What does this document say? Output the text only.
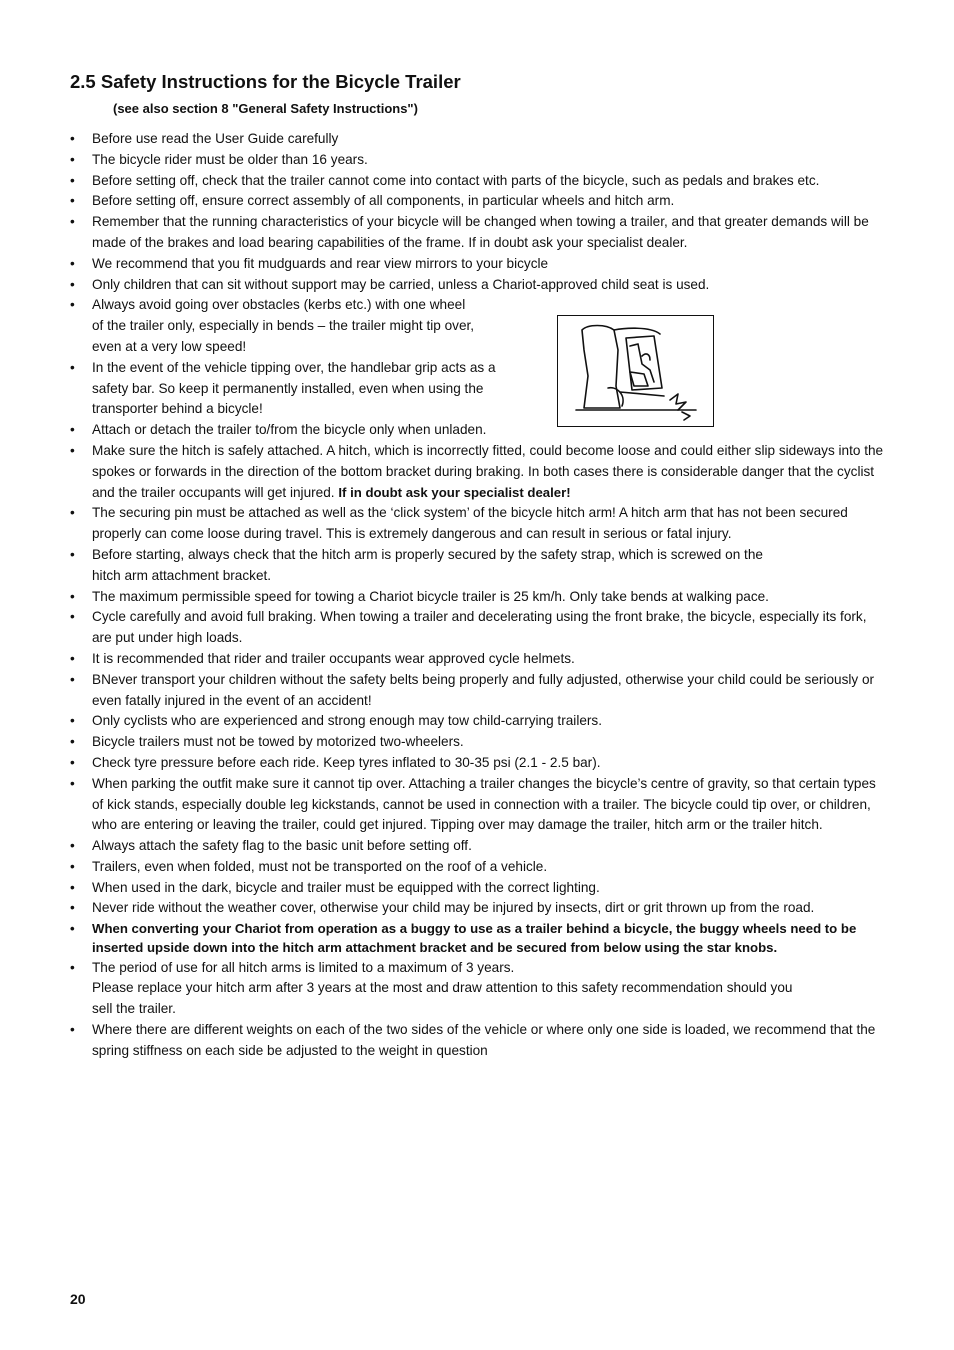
2.5 Safety Instructions for the Bicycle Trailer

(see also section 8 "General Safety Instructions")

• Before use read the User Guide carefully
• The bicycle rider must be older than 16 years.
• Before setting off, check that the trailer cannot come into contact with parts of the bicycle, such as pedals and brakes etc.
• Before setting off, ensure correct assembly of all components, in particular wheels and hitch arm.
• Remember that the running characteristics of your bicycle will be changed when towing a trailer, and that greater demands will be made of the brakes and load bearing capabilities of the frame. If in doubt ask your specialist dealer.
• We recommend that you fit mudguards and rear view mirrors to your bicycle
• Only children that can sit without support may be carried, unless a Chariot-approved child seat is used.
• Always avoid going over obstacles (kerbs etc.) with one wheel
of the trailer only, especially in bends – the trailer might tip over,
even at a very low speed!
• In the event of the vehicle tipping over, the handlebar grip acts as a
safety bar. So keep it permanently installed, even when using the
transporter behind a bicycle!
• Attach or detach the trailer to/from the bicycle only when unladen.
• Make sure the hitch is safely attached. A hitch, which is incorrectly fitted, could become loose and could either slip sideways into the spokes or forwards in the direction of the bottom bracket during braking. In both cases there is considerable danger that the cyclist and the trailer occupants will get injured. If in doubt ask your specialist dealer!
• The securing pin must be attached as well as the ‘click system’ of the bicycle hitch arm! A hitch arm that has not been secured properly can come loose during travel. This is extremely dangerous and can result in serious or fatal injury.
• Before starting, always check that the hitch arm is properly secured by the safety strap, which is screwed on the
hitch arm attachment bracket.
• The maximum permissible speed for towing a Chariot bicycle trailer is 25 km/h. Only take bends at walking pace.
• Cycle carefully and avoid full braking. When towing a trailer and decelerating using the front brake, the bicycle, especially its fork, are put under high loads.
• It is recommended that rider and trailer occupants wear approved cycle helmets.
• BNever transport your children without the safety belts being properly and fully adjusted, otherwise your child could be seriously or even fatally injured in the event of an accident!
• Only cyclists who are experienced and strong enough may tow child-carrying trailers.
• Bicycle trailers must not be towed by motorized two-wheelers.
• Check tyre pressure before each ride. Keep tyres inflated to 30-35 psi (2.1 - 2.5 bar).
• When parking the outfit make sure it cannot tip over. Attaching a trailer changes the bicycle’s centre of gravity, so that certain types of kick stands, especially double leg kickstands, cannot be used in connection with a trailer. The bicycle could tip over, or children, who are entering or leaving the trailer, could get injured. Tipping over may damage the trailer, hitch arm or the trailer hitch.
• Always attach the safety flag to the basic unit before setting off.
• Trailers, even when folded, must not be transported on the roof of a vehicle.
• When used in the dark, bicycle and trailer must be equipped with the correct lighting.
• Never ride without the weather cover, otherwise your child may be injured by insects, dirt or grit thrown up from the road.
• When converting your Chariot from operation as a buggy to use as a trailer behind a bicycle, the buggy wheels need to be inserted upside down into the hitch arm attachment bracket and be secured from below using the star knobs.
• The period of use for all hitch arms is limited to a maximum of 3 years.
Please replace your hitch arm after 3 years at the most and draw attention to this safety recommendation should you
sell the trailer.
• Where there are different weights on each of the two sides of the vehicle or where only one side is loaded, we recommend that the spring stiffness on each side be adjusted to the weight in question

20
